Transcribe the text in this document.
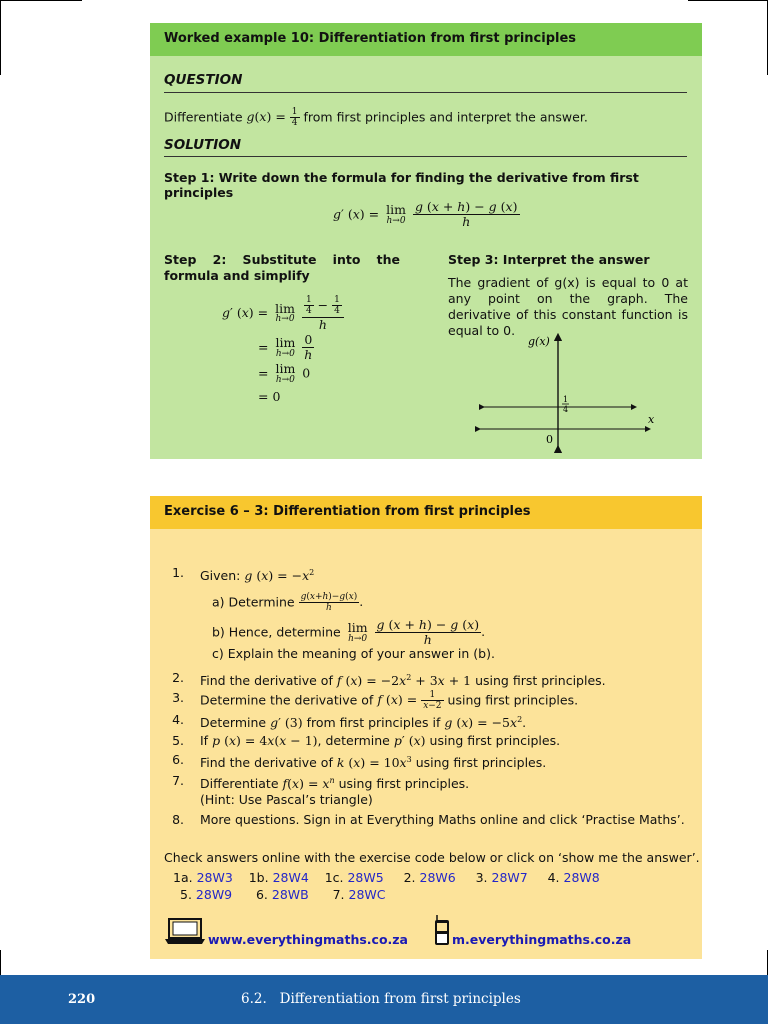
Worked example 10: Differentiation from first principles
QUESTION
Differentiate $g(x) = \frac{1}{4}$ from first principles and interpret the answer.
SOLUTION
Step 1: Write down the formula for finding the derivative from first principles
g′ (x) = lim
h→0
$\frac{g (x + h) - g (x)}{h}$
Step 2: Substitute into the formula and simplify
g′ (x) = lim
h→0
$\frac{\frac{1}{4} - \frac{1}{4}}{h}$
= lim
h→0
$\frac{0}{h}$
= lim
h→0 0
= 0
Step 3: Interpret the answer
The gradient of g(x) is equal to 0 at any point on the graph. The derivative of this constant function is equal to 0.
g(x)
x
0
1
4
Exercise 6 – 3: Differentiation from first principles
1. Given: g $(x) = -x^2$
a) Determine $\frac{g(x+h)-g(x)}{h}$ .
b) Hence, determine lim
h→0
$\frac{g (x + h) - g (x)}{h}$ .
c) Explain the meaning of your answer in (b).
2. Find the derivative of f $(x) = -2x^2 + 3x + 1$ using first principles.
3. Determine the derivative of f $(x) = \frac{1}{x-2}$ using first principles.
4. Determine g′ (3) from first principles if g $(x) = -5x^2$.
5. If p (x) = 4x(x − 1), determine p′ (x) using first principles.
6. Find the derivative of k $(x) = 10x^3$ using first principles.
7. Differentiate $f(x) = x^n$ using first principles.
(Hint: Use Pascal’s triangle)
8. More questions. Sign in at Everything Maths online and click ‘Practise Maths’.
Check answers online with the exercise code below or click on ‘show me the answer’.
1a. 28W3 1b. 28W4 1c. 28W5 2. 28W6 3. 28W7 4. 28W8
5. 28W9 6. 28WB 7. 28WC
www.everythingmaths.co.za	m.everythingmaths.co.za
220	6.2.   Differentiation from first principles
